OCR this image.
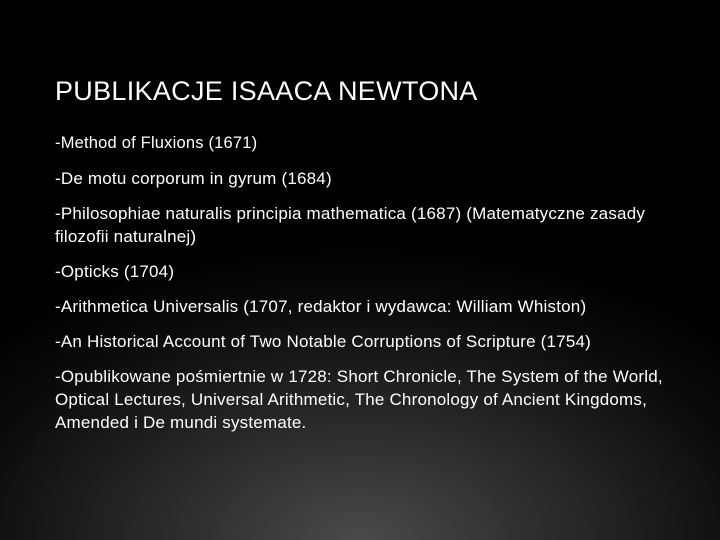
PUBLIKACJE ISAACA NEWTONA
-Method of Fluxions (1671)
-De motu corporum in gyrum (1684)
-Philosophiae naturalis principia mathematica (1687) (Matematyczne zasady filozofii naturalnej)
-Opticks (1704)
-Arithmetica Universalis (1707, redaktor i wydawca: William Whiston)
-An Historical Account of Two Notable Corruptions of Scripture (1754)
-Opublikowane pośmiertnie w 1728: Short Chronicle, The System of the World, Optical Lectures, Universal Arithmetic, The Chronology of Ancient Kingdoms, Amended i De mundi systemate.
